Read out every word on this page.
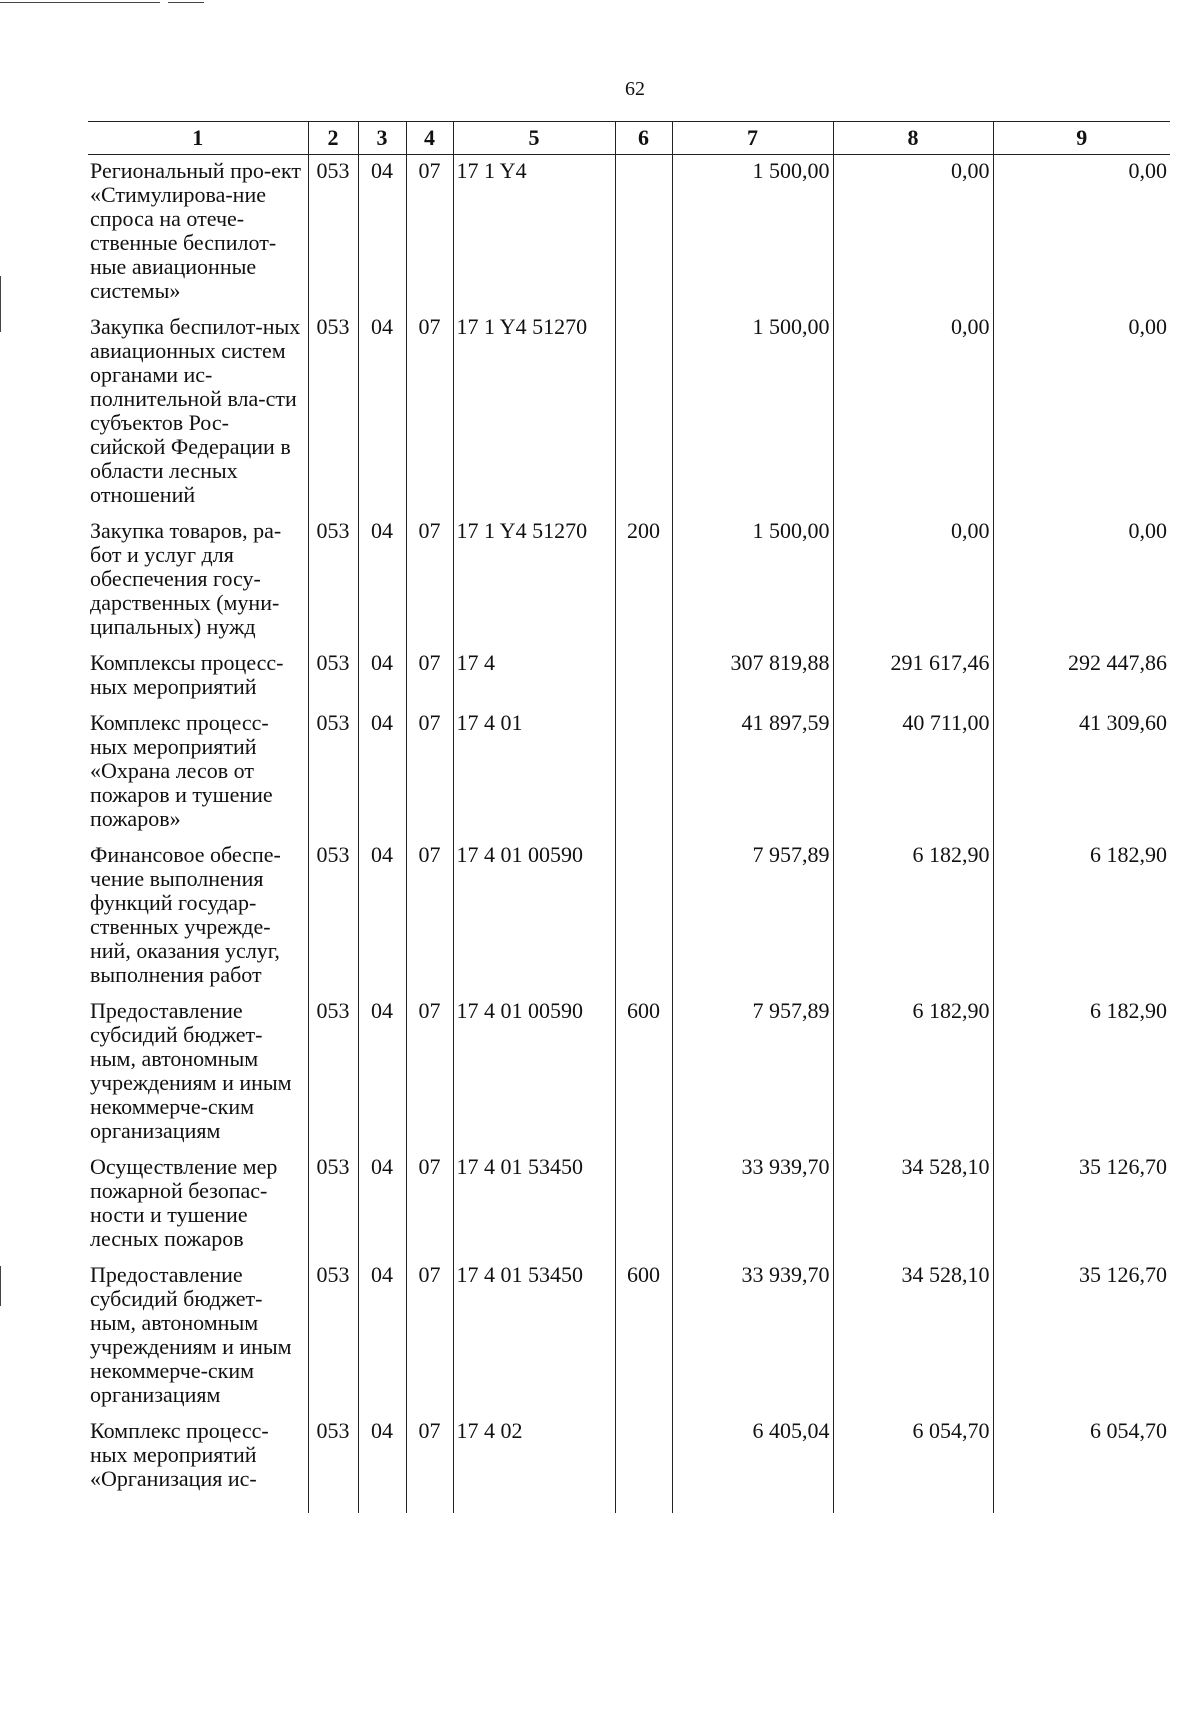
62
1	2	3	4	5	6	7	8	9
Региональный про-ект «Стимулирова-ние спроса на отече-ственные беспилот-ные авиационные системы»	053	04	07	17 1 Y4		1 500,00	0,00	0,00
Закупка беспилот-ных авиационных систем органами ис-полнительной вла-сти субъектов Рос-сийской Федерации в области лесных отношений	053	04	07	17 1 Y4 51270		1 500,00	0,00	0,00
Закупка товаров, ра-бот и услуг для обеспечения госу-дарственных (муни-ципальных) нужд	053	04	07	17 1 Y4 51270	200	1 500,00	0,00	0,00
Комплексы процесс-ных мероприятий	053	04	07	17 4		307 819,88	291 617,46	292 447,86
Комплекс процесс-ных мероприятий «Охрана лесов от пожаров и тушение пожаров»	053	04	07	17 4 01		41 897,59	40 711,00	41 309,60
Финансовое обеспе-чение выполнения функций государ-ственных учрежде-ний, оказания услуг, выполнения работ	053	04	07	17 4 01 00590		7 957,89	6 182,90	6 182,90
Предоставление субсидий бюджет-ным, автономным учреждениям и иным некоммерче-ским организациям	053	04	07	17 4 01 00590	600	7 957,89	6 182,90	6 182,90
Осуществление мер пожарной безопас-ности и тушение лесных пожаров	053	04	07	17 4 01 53450		33 939,70	34 528,10	35 126,70
Предоставление субсидий бюджет-ным, автономным учреждениям и иным некоммерче-ским организациям	053	04	07	17 4 01 53450	600	33 939,70	34 528,10	35 126,70
Комплекс процесс-ных мероприятий «Организация ис-	053	04	07	17 4 02		6 405,04	6 054,70	6 054,70
